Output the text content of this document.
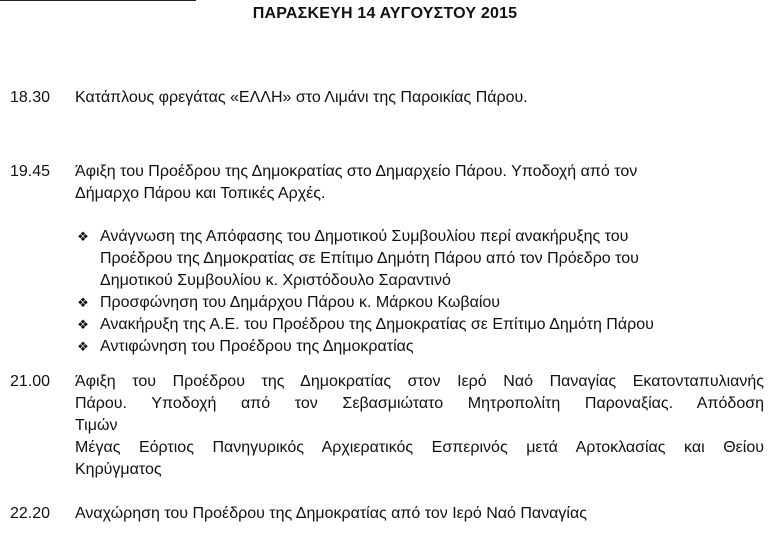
ΠΑΡΑΣΚΕΥΗ 14 ΑΥΓΟΥΣΤΟΥ 2015
18.30 Κατάπλους φρεγάτας «ΕΛΛΗ» στο Λιμάνι της Παροικίας Πάρου.
19.45 Άφιξη του Προέδρου της Δημοκρατίας στο Δημαρχείο Πάρου. Υποδοχή από τον
Δήμαρχο Πάρου και Τοπικές Αρχές.
❖ Ανάγνωση της Απόφασης του Δημοτικού Συμβουλίου περί ανακήρυξης του
Προέδρου της Δημοκρατίας σε Επίτιμο Δημότη Πάρου από τον Πρόεδρο του
Δημοτικού Συμβουλίου κ. Χριστόδουλο Σαραντινό
❖ Προσφώνηση του Δημάρχου Πάρου κ. Μάρκου Κωβαίου
❖ Ανακήρυξη της Α.Ε. του Προέδρου της Δημοκρατίας σε Επίτιμο Δημότη Πάρου
❖ Αντιφώνηση του Προέδρου της Δημοκρατίας
21.00 Άφιξη του Προέδρου της Δημοκρατίας στον Ιερό Ναό Παναγίας Εκατονταπυλιανής
Πάρου. Υποδοχή από τον Σεβασμιώτατο Μητροπολίτη Παροναξίας. Απόδοση
Τιμών
Μέγας Εόρτιος Πανηγυρικός Αρχιερατικός Εσπερινός μετά Αρτοκλασίας και Θείου
Κηρύγματος
22.20 Αναχώρηση του Προέδρου της Δημοκρατίας από τον Ιερό Ναό Παναγίας
